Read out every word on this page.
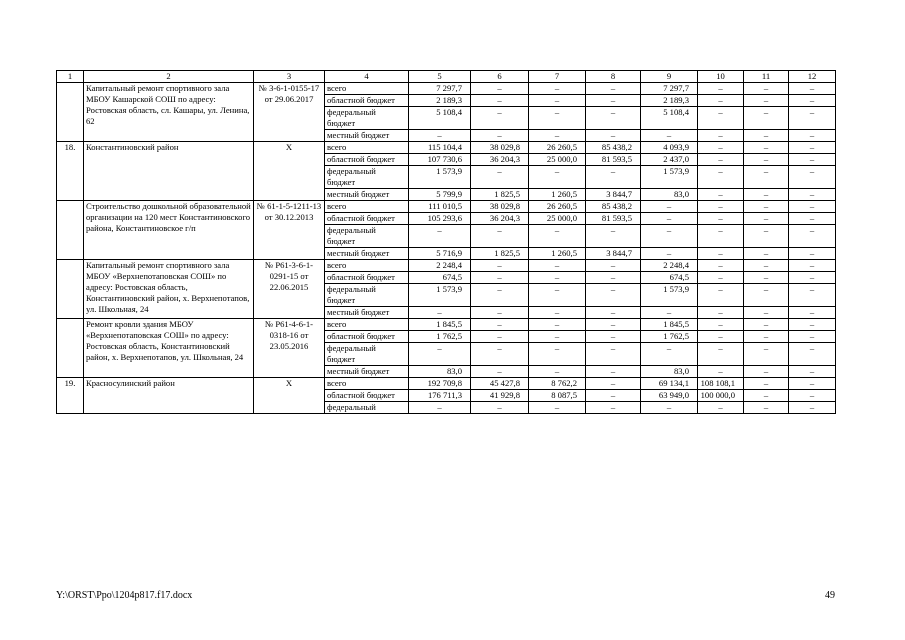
1	2	3	4	5	6	7	8	9	10	11	12
	Капитальный ремонт спортивного зала МБОУ Кашарской СОШ по адресу: Ростовская область, сл. Кашары, ул. Ленина, 62	№ 3-6-1-0155-17 от 29.06.2017	всего	7 297,7	–	–	–	7 297,7	–	–	–
			областной бюджет	2 189,3	–	–	–	2 189,3	–	–	–
			федеральный бюджет	5 108,4	–	–	–	5 108,4	–	–	–
			местный бюджет	–	–	–	–	–	–	–	–
18.	Константиновский район	Х	всего	115 104,4	38 029,8	26 260,5	85 438,2	4 093,9	–	–	–
			областной бюджет	107 730,6	36 204,3	25 000,0	81 593,5	2 437,0	–	–	–
			федеральный бюджет	1 573,9	–	–	–	1 573,9	–	–	–
			местный бюджет	5 799,9	1 825,5	1 260,5	3 844,7	83,0	–	–	–
	Строительство дошкольной образовательной организации на 120 мест Константиновского района, Константиновское г/п	№ 61-1-5-1211-13 от 30.12.2013	всего	111 010,5	38 029,8	26 260,5	85 438,2	–	–	–	–
			областной бюджет	105 293,6	36 204,3	25 000,0	81 593,5	–	–	–	–
			федеральный бюджет	–	–	–	–	–	–	–	–
			местный бюджет	5 716,9	1 825,5	1 260,5	3 844,7	–	–	–	–
	Капитальный ремонт спортивного зала МБОУ «Верхнепотаповская СОШ» по адресу: Ростовская область, Константиновский район, х. Верхнепотапов, ул. Школьная, 24	№ Р61-3-6-1-0291-15 от 22.06.2015	всего	2 248,4	–	–	–	2 248,4	–	–	–
			областной бюджет	674,5	–	–	–	674,5	–	–	–
			федеральный бюджет	1 573,9	–	–	–	1 573,9	–	–	–
			местный бюджет	–	–	–	–	–	–	–	–
	Ремонт кровли здания МБОУ «Верхнепотаповская СОШ» по адресу: Ростовская область, Константиновский район, х. Верхнепотапов, ул. Школьная, 24	№ Р61-4-6-1-0318-16 от 23.05.2016	всего	1 845,5	–	–	–	1 845,5	–	–	–
			областной бюджет	1 762,5	–	–	–	1 762,5	–	–	–
			федеральный бюджет	–	–	–	–	–	–	–	–
			местный бюджет	83,0	–	–	–	83,0	–	–	–
19.	Красносулинский район	Х	всего	192 709,8	45 427,8	8 762,2	–	69 134,1	108 108,1	–	–
			областной бюджет	176 711,3	41 929,8	8 087,5	–	63 949,0	100 000,0	–	–
			федеральный	–	–	–	–	–	–	–	–
Y:\ORST\Ppo\1204p817.f17.docx	49
